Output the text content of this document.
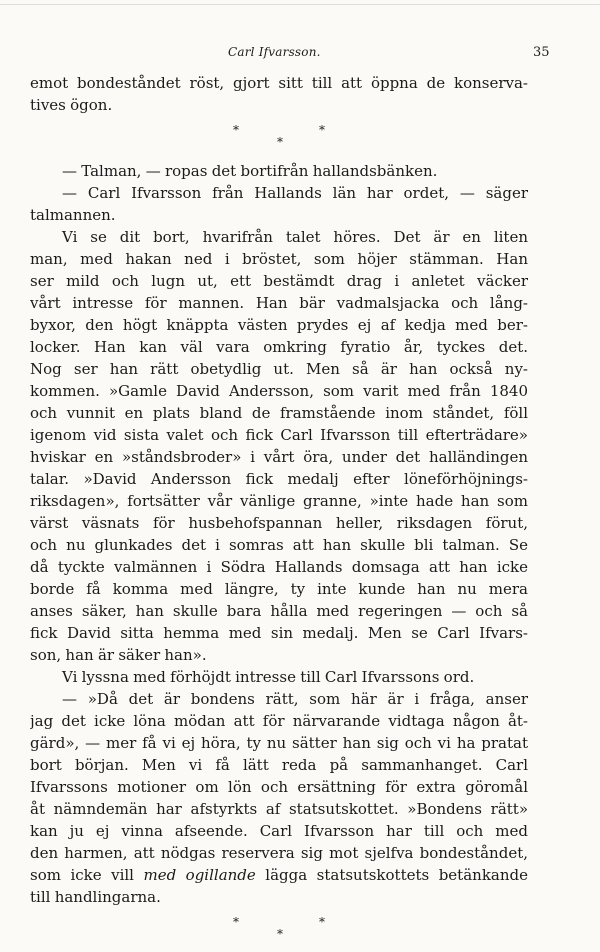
Carl Ifvarsson.	35
emot bondeståndet röst, gjort sitt till att öppna de konserva-
tives ögon.
*
*
*
— Talman, — ropas det bortifrån hallandsbänken.
— Carl Ifvarsson från Hallands län har ordet, — säger
talmannen.
Vi se dit bort, hvarifrån talet höres. Det är en liten
man, med hakan ned i bröstet, som höjer stämman. Han
ser mild och lugn ut, ett bestämdt drag i anletet väcker
vårt intresse för mannen. Han bär vadmalsjacka och lång-
byxor, den högt knäppta västen prydes ej af kedja med ber-
locker. Han kan väl vara omkring fyratio år, tyckes det.
Nog ser han rätt obetydlig ut. Men så är han också ny-
kommen. »Gamle David Andersson, som varit med från 1840
och vunnit en plats bland de framstående inom ståndet, föll
igenom vid sista valet och fick Carl Ifvarsson till efterträdare»
hviskar en »ståndsbroder» i vårt öra, under det halländingen
talar. »David Andersson fick medalj efter löneförhöjnings-
riksdagen», fortsätter vår vänlige granne, »inte hade han som
värst väsnats för husbehofspannan heller, riksdagen förut,
och nu glunkades det i somras att han skulle bli talman. Se
då tyckte valmännen i Södra Hallands domsaga att han icke
borde få komma med längre, ty inte kunde han nu mera
anses säker, han skulle bara hålla med regeringen — och så
fick David sitta hemma med sin medalj. Men se Carl Ifvars-
son, han är säker han».
Vi lyssna med förhöjdt intresse till Carl Ifvarssons ord.
— »Då det är bondens rätt, som här är i fråga, anser
jag det icke löna mödan att för närvarande vidtaga någon åt-
gärd», — mer få vi ej höra, ty nu sätter han sig och vi ha pratat
bort början. Men vi få lätt reda på sammanhanget. Carl
Ifvarssons motioner om lön och ersättning för extra göromål
åt nämndemän har afstyrkts af statsutskottet. »Bondens rätt»
kan ju ej vinna afseende. Carl Ifvarsson har till och med
den harmen, att nödgas reservera sig mot sjelfva bondeståndet,
som icke vill med ogillande lägga statsutskottets betänkande
till handlingarna.
*
*
*
